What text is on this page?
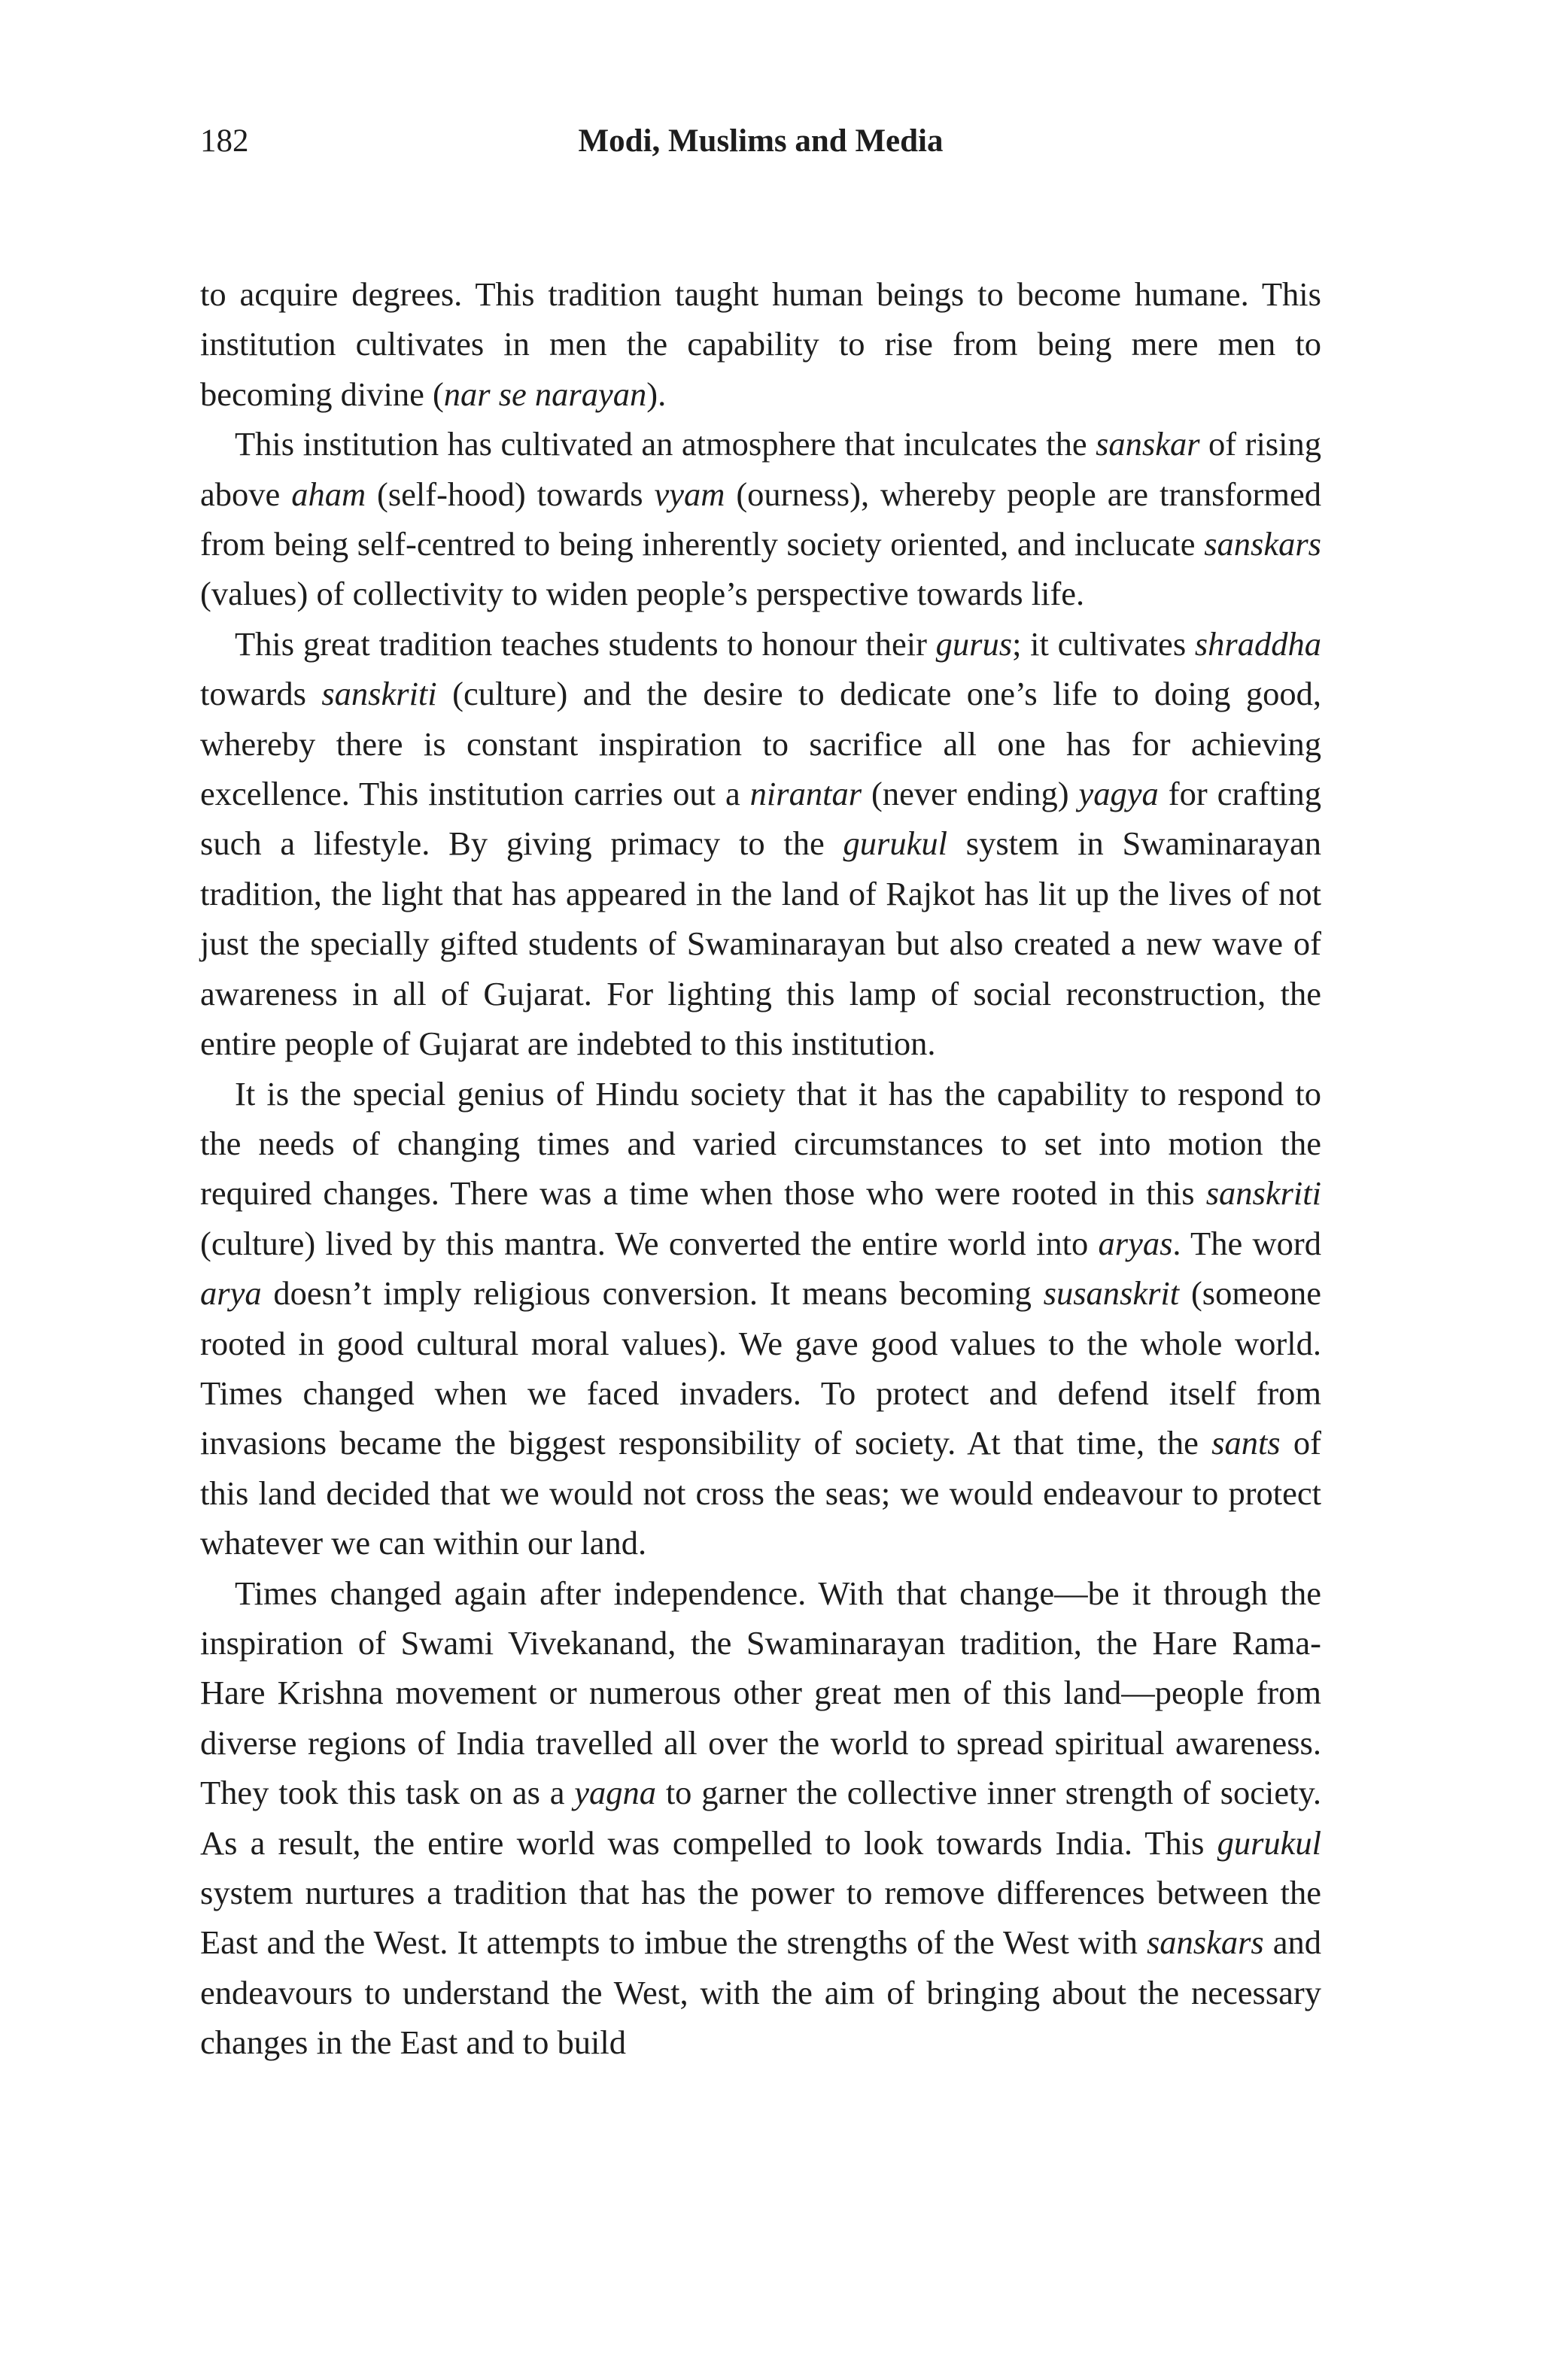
182	Modi, Muslims and Media

to acquire degrees. This tradition taught human beings to become humane. This institution cultivates in men the capability to rise from being mere men to becoming divine (nar se narayan).

This institution has cultivated an atmosphere that inculcates the sanskar of rising above aham (self-hood) towards vyam (ourness), whereby people are transformed from being self-centred to being inherently society oriented, and inclucate sanskars (values) of collectivity to widen people’s perspective towards life.

This great tradition teaches students to honour their gurus; it cultivates shraddha towards sanskriti (culture) and the desire to dedicate one’s life to doing good, whereby there is constant inspiration to sacrifice all one has for achieving excellence. This institution carries out a nirantar (never ending) yagya for crafting such a lifestyle. By giving primacy to the gurukul system in Swaminarayan tradition, the light that has appeared in the land of Rajkot has lit up the lives of not just the specially gifted students of Swaminarayan but also created a new wave of awareness in all of Gujarat. For lighting this lamp of social reconstruction, the entire people of Gujarat are indebted to this institution.

It is the special genius of Hindu society that it has the capability to respond to the needs of changing times and varied circumstances to set into motion the required changes. There was a time when those who were rooted in this sanskriti (culture) lived by this mantra. We converted the entire world into aryas. The word arya doesn’t imply religious conversion. It means becoming susanskrit (someone rooted in good cultural moral values). We gave good values to the whole world. Times changed when we faced invaders. To protect and defend itself from invasions became the biggest responsibility of society. At that time, the sants of this land decided that we would not cross the seas; we would endeavour to protect whatever we can within our land.

Times changed again after independence. With that change—be it through the inspiration of Swami Vivekanand, the Swaminarayan tradition, the Hare Rama-Hare Krishna movement or numerous other great men of this land—people from diverse regions of India travelled all over the world to spread spiritual awareness. They took this task on as a yagna to garner the collective inner strength of society. As a result, the entire world was compelled to look towards India. This gurukul system nurtures a tradition that has the power to remove differences between the East and the West. It attempts to imbue the strengths of the West with sanskars and endeavours to understand the West, with the aim of bringing about the necessary changes in the East and to build
